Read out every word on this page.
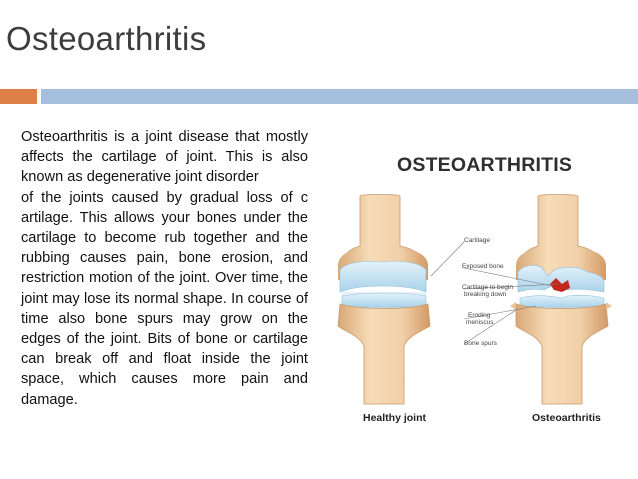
Osteoarthritis

Osteoarthritis is a joint disease that mostly affects the cartilage of joint. This is also known as degenerative joint disorder

of the joints caused by gradual loss of c artilage. This allows your bones under the cartilage to become rub together and the rubbing causes pain, bone erosion, and restriction motion of the joint. Over time, the joint may lose its normal shape. In course of time also bone spurs may grow on the edges of the joint. Bits of bone or cartilage can break off and float inside the joint space, which causes more pain and damage.

OSTEOARTHRITIS
Cartilage
Exposed bone
Cartilage to begin
breaking down
Eroding
meniscus
Bone spurs
Healthy joint	Osteoarthritis
